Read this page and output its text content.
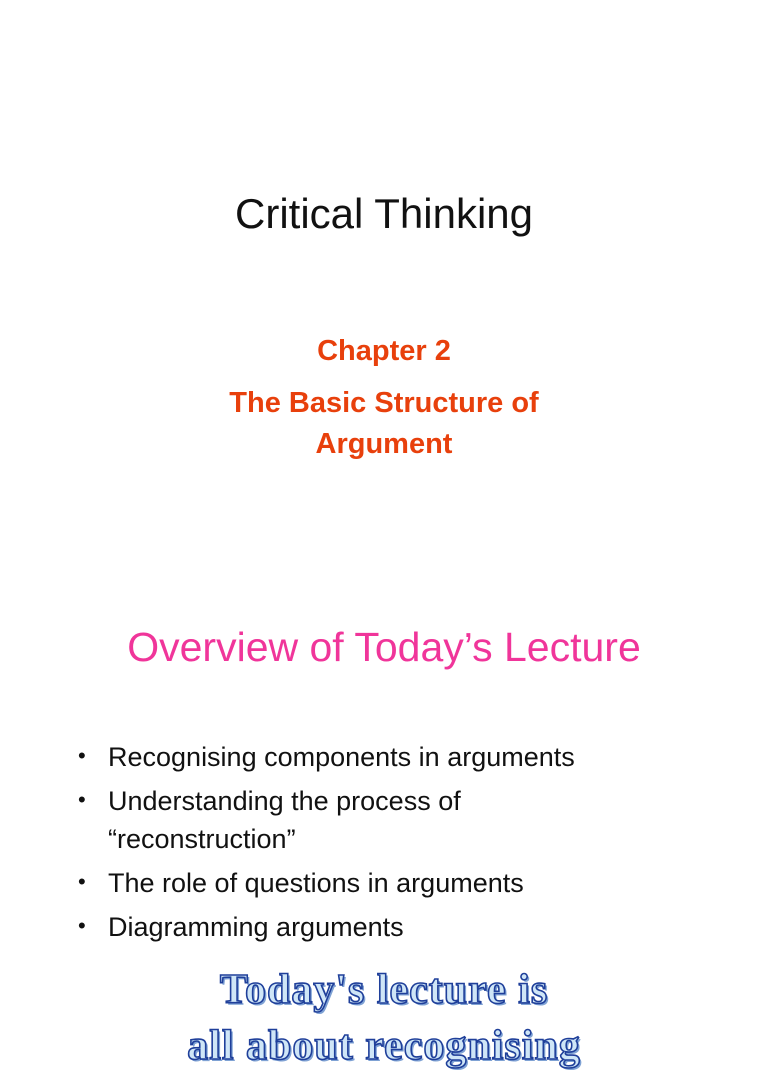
Critical Thinking
Chapter 2
The Basic Structure of Argument
Overview of Today’s Lecture
• Recognising components in arguments
• Understanding the process of “reconstruction”
• The role of questions in arguments
• Diagramming arguments
Today's lecture is
all about recognising
